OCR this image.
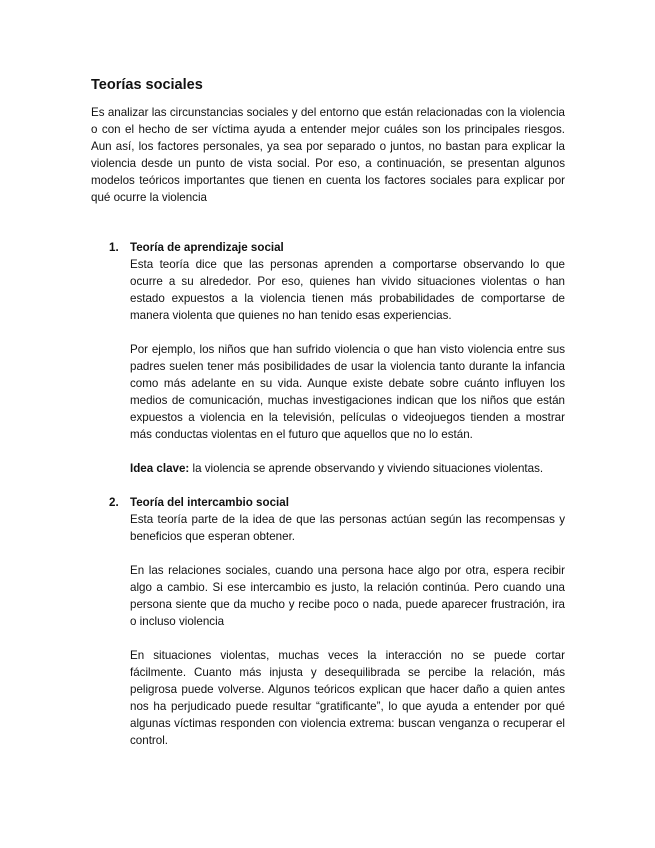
Teorías sociales

Es analizar las circunstancias sociales y del entorno que están relacionadas con la violencia o con el hecho de ser víctima ayuda a entender mejor cuáles son los principales riesgos. Aun así, los factores personales, ya sea por separado o juntos, no bastan para explicar la violencia desde un punto de vista social. Por eso, a continuación, se presentan algunos modelos teóricos importantes que tienen en cuenta los factores sociales para explicar por qué ocurre la violencia

1. Teoría de aprendizaje social

Esta teoría dice que las personas aprenden a comportarse observando lo que ocurre a su alrededor. Por eso, quienes han vivido situaciones violentas o han estado expuestos a la violencia tienen más probabilidades de comportarse de manera violenta que quienes no han tenido esas experiencias.

Por ejemplo, los niños que han sufrido violencia o que han visto violencia entre sus padres suelen tener más posibilidades de usar la violencia tanto durante la infancia como más adelante en su vida. Aunque existe debate sobre cuánto influyen los medios de comunicación, muchas investigaciones indican que los niños que están expuestos a violencia en la televisión, películas o videojuegos tienden a mostrar más conductas violentas en el futuro que aquellos que no lo están.

Idea clave: la violencia se aprende observando y viviendo situaciones violentas.

2. Teoría del intercambio social

Esta teoría parte de la idea de que las personas actúan según las recompensas y beneficios que esperan obtener.

En las relaciones sociales, cuando una persona hace algo por otra, espera recibir algo a cambio. Si ese intercambio es justo, la relación continúa. Pero cuando una persona siente que da mucho y recibe poco o nada, puede aparecer frustración, ira o incluso violencia

En situaciones violentas, muchas veces la interacción no se puede cortar fácilmente. Cuanto más injusta y desequilibrada se percibe la relación, más peligrosa puede volverse. Algunos teóricos explican que hacer daño a quien antes nos ha perjudicado puede resultar “gratificante”, lo que ayuda a entender por qué algunas víctimas responden con violencia extrema: buscan venganza o recuperar el control.
